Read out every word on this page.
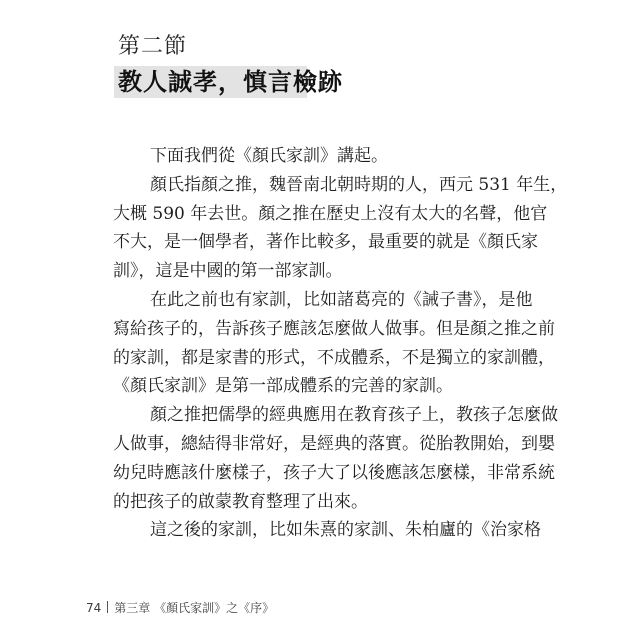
第二節
教人誠孝，慎言檢跡
下面我們從《顏氏家訓》講起。
顏氏指顏之推，魏晉南北朝時期的人，西元 531 年生，
大概 590 年去世。顏之推在歷史上沒有太大的名聲，他官
不大，是一個學者，著作比較多，最重要的就是《顏氏家
訓》，這是中國的第一部家訓。
在此之前也有家訓，比如諸葛亮的《誡子書》，是他
寫給孩子的，告訴孩子應該怎麼做人做事。但是顏之推之前
的家訓，都是家書的形式，不成體系，不是獨立的家訓體，
《顏氏家訓》是第一部成體系的完善的家訓。
顏之推把儒學的經典應用在教育孩子上，教孩子怎麼做
人做事，總結得非常好，是經典的落實。從胎教開始，到嬰
幼兒時應該什麼樣子，孩子大了以後應該怎麼樣，非常系統
的把孩子的啟蒙教育整理了出來。
這之後的家訓，比如朱熹的家訓、朱柏廬的《治家格
74 第三章 《顏氏家訓》之《序》
